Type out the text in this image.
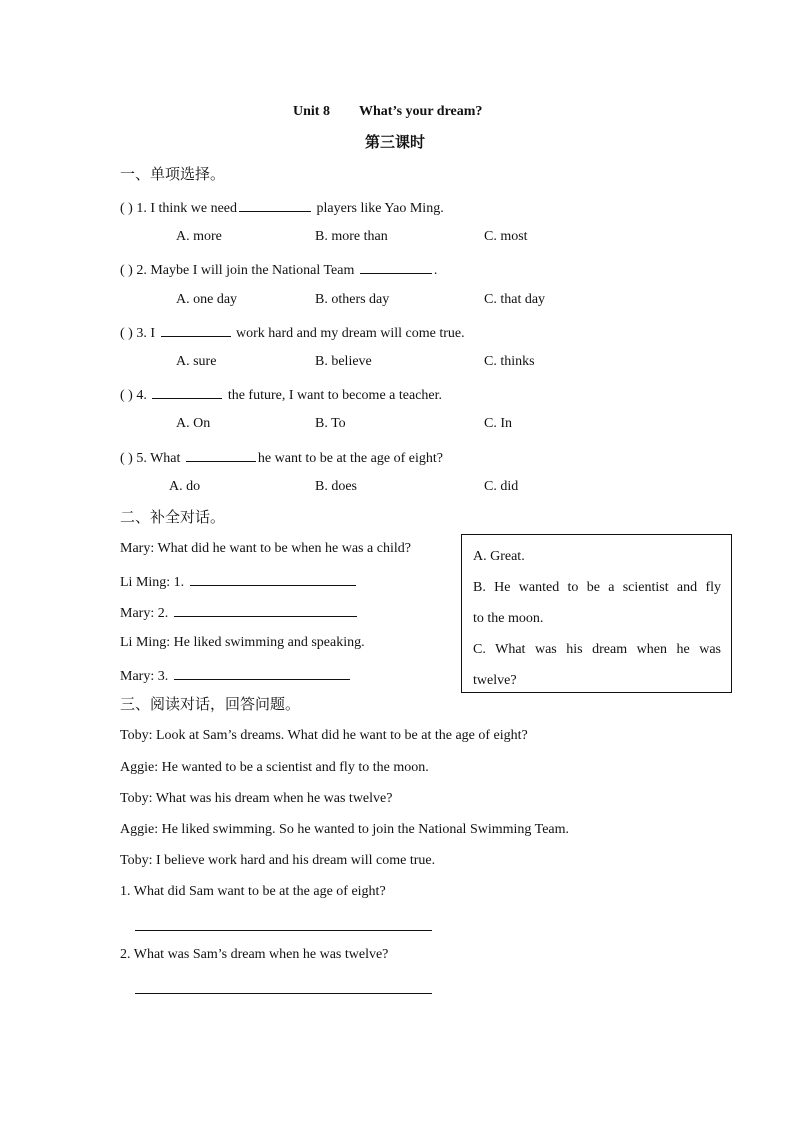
Unit 8 What’s your dream?
第三课时
一、单项选择。
( ) 1. I think we need	players like Yao Ming.
A. more	B. more than	C. most
( ) 2. Maybe I will join the National Team	.
A. one day	B. others day	C. that day
( ) 3. I	work hard and my dream will come true.
A. sure	B. believe	C. thinks
( ) 4.	the future, I want to become a teacher.
A. On	B. To	C. In
( ) 5. What	he want to be at the age of eight?
A. do	B. does	C. did
二、补全对话。
Mary: What did he want to be when he was a child?
Li Ming: 1.
Mary: 2.
Li Ming: He liked swimming and speaking.
Mary: 3.
A. Great.
B. He wanted to be a scientist and fly
to the moon.
C. What was his dream when he was
twelve?
三、阅读对话，回答问题。
Toby: Look at Sam’s dreams. What did he want to be at the age of eight?
Aggie: He wanted to be a scientist and fly to the moon.
Toby: What was his dream when he was twelve?
Aggie: He liked swimming. So he wanted to join the National Swimming Team.
Toby: I believe work hard and his dream will come true.
1. What did Sam want to be at the age of eight?
2. What was Sam’s dream when he was twelve?
